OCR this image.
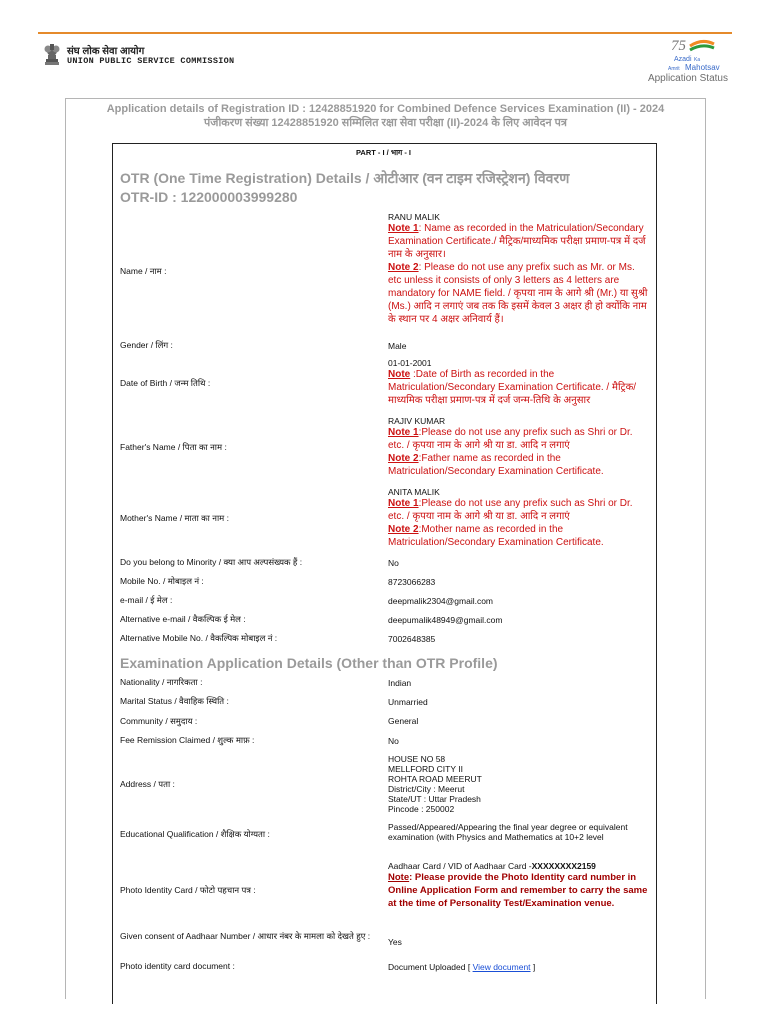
संघ लोक सेवा आयोग
UNION PUBLIC SERVICE COMMISSION
75
Azadi Ka
Amrit Mahotsav
Application Status
Application details of Registration ID : 12428851920 for Combined Defence Services Examination (II) - 2024
पंजीकरण संख्या 12428851920 सम्मिलित रक्षा सेवा परीक्षा (II)-2024 के लिए आवेदन पत्र
PART - I / भाग - I
OTR (One Time Registration) Details / ओटीआर (वन टाइम रजिस्ट्रेशन) विवरण
OTR-ID : 122000003999280
Name / नाम :
RANU MALIK
Note 1: Name as recorded in the Matriculation/Secondary Examination Certificate./ मैट्रिक/माध्यमिक परीक्षा प्रमाण-पत्र में दर्ज नाम के अनुसार।
Note 2: Please do not use any prefix such as Mr. or Ms. etc unless it consists of only 3 letters as 4 letters are mandatory for NAME field. / कृपया नाम के आगे श्री (Mr.) या सुश्री (Ms.) आदि न लगाएं जब तक कि इसमें केवल 3 अक्षर ही हो क्योंकि नाम के स्थान पर 4 अक्षर अनिवार्य हैं।
Gender / लिंग :	Male
Date of Birth / जन्म तिथि :
01-01-2001
Note :Date of Birth as recorded in the Matriculation/Secondary Examination Certificate. / मैट्रिक/माध्यमिक परीक्षा प्रमाण-पत्र में दर्ज जन्म-तिथि के अनुसार
Father's Name / पिता का नाम :
RAJIV KUMAR
Note 1:Please do not use any prefix such as Shri or Dr. etc. / कृपया नाम के आगे श्री या डा. आदि न लगाएं
Note 2:Father name as recorded in the Matriculation/Secondary Examination Certificate.
Mother's Name / माता का नाम :
ANITA MALIK
Note 1:Please do not use any prefix such as Shri or Dr. etc. / कृपया नाम के आगे श्री या डा. आदि न लगाएं
Note 2:Mother name as recorded in the Matriculation/Secondary Examination Certificate.
Do you belong to Minority / क्या आप अल्पसंख्यक हैं :	No
Mobile No. / मोबाइल नं :	8723066283
e-mail / ई मेल :	deepmalik2304@gmail.com
Alternative e-mail / वैकल्पिक ई मेल :	deepumalik48949@gmail.com
Alternative Mobile No. / वैकल्पिक मोबाइल नं :	7002648385
Examination Application Details (Other than OTR Profile)
Nationality / नागरिकता :	Indian
Marital Status / वैवाहिक स्थिति :	Unmarried
Community / समुदाय :	General
Fee Remission Claimed / शुल्क माफ़ :	No
Address / पता :
HOUSE NO 58
MELLFORD CITY II
ROHTA ROAD MEERUT
District/City : Meerut
State/UT : Uttar Pradesh
Pincode : 250002
Educational Qualification / शैक्षिक योग्यता :
Passed/Appeared/Appearing the final year degree or equivalent examination (with Physics and Mathematics at 10+2 level
Photo Identity Card / फोटो पहचान पत्र :
Aadhaar Card / VID of Aadhaar Card -XXXXXXXX2159
Note: Please provide the Photo Identity card number in Online Application Form and remember to carry the same at the time of Personality Test/Examination venue.
Given consent of Aadhaar Number / आधार नंबर के मामला को देखते हुए :
Yes
Photo identity card document :	Document Uploaded [ View document ]
